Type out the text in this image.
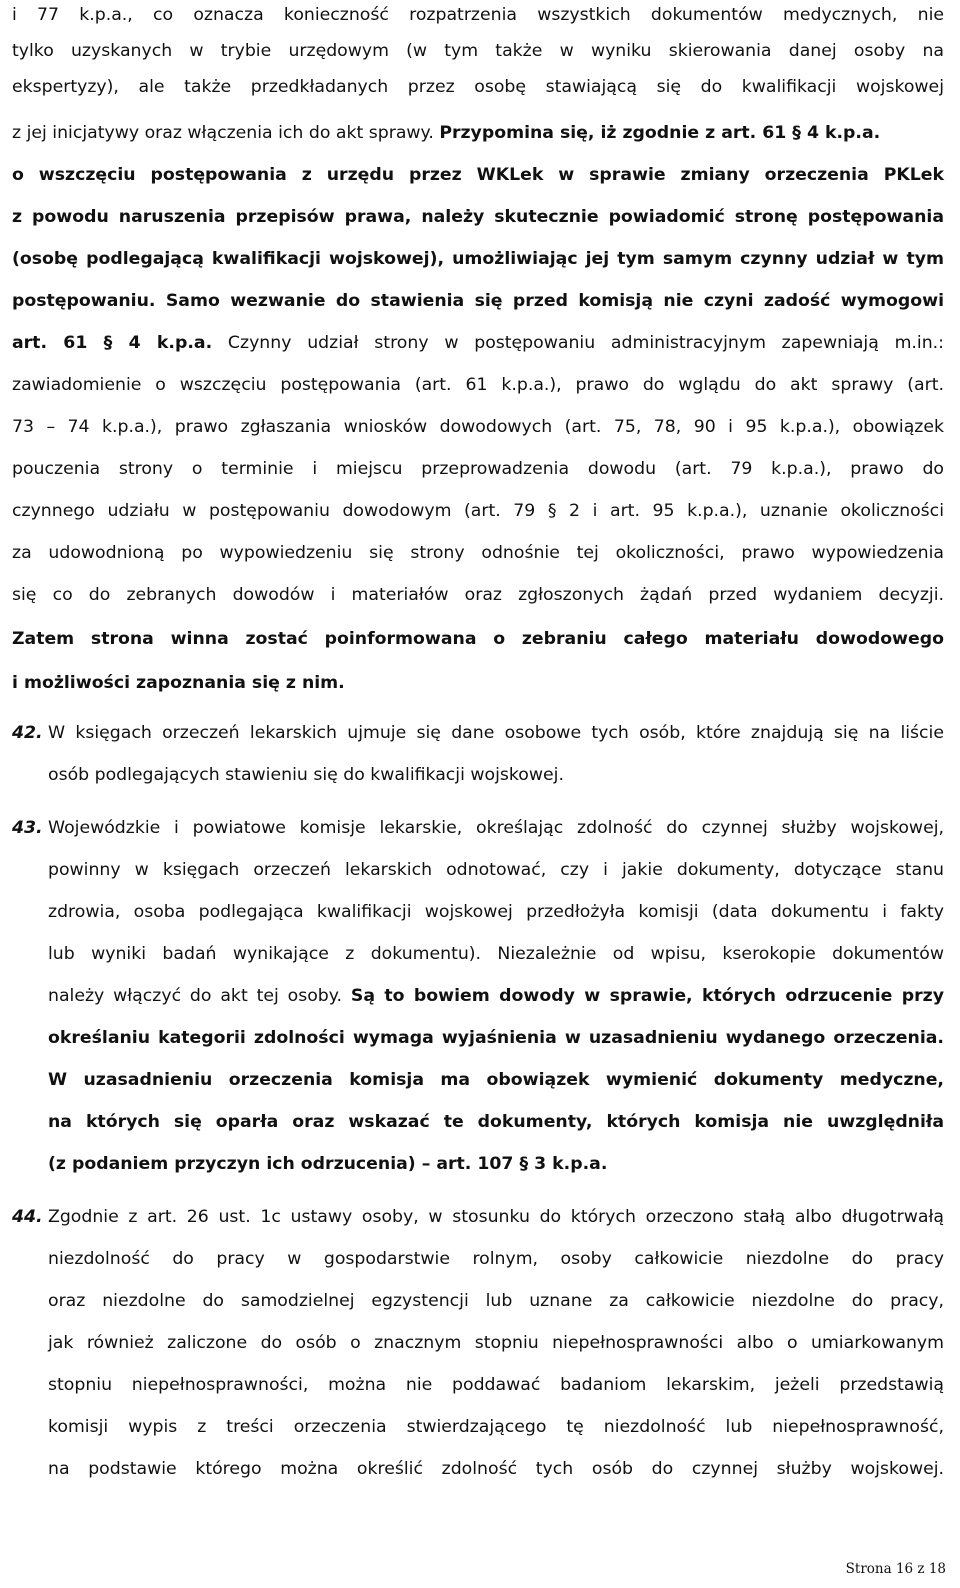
i 77 k.p.a., co oznacza konieczność rozpatrzenia wszystkich dokumentów medycznych, nie
tylko uzyskanych w trybie urzędowym (w tym także w wyniku skierowania danej osoby na
ekspertyzy), ale także przedkładanych przez osobę stawiającą się do kwalifikacji wojskowej
z jej inicjatywy oraz włączenia ich do akt sprawy. Przypomina się, iż zgodnie z art. 61 § 4 k.p.a.
o wszczęciu postępowania z urzędu przez WKLek w sprawie zmiany orzeczenia PKLek
z powodu naruszenia przepisów prawa, należy skutecznie powiadomić stronę postępowania
(osobę podlegającą kwalifikacji wojskowej), umożliwiając jej tym samym czynny udział w tym
postępowaniu. Samo wezwanie do stawienia się przed komisją nie czyni zadość wymogowi
art. 61 § 4 k.p.a. Czynny udział strony w postępowaniu administracyjnym zapewniają m.in.:
zawiadomienie o wszczęciu postępowania (art. 61 k.p.a.), prawo do wglądu do akt sprawy (art.
73 – 74 k.p.a.), prawo zgłaszania wniosków dowodowych (art. 75, 78, 90 i 95 k.p.a.), obowiązek
pouczenia strony o terminie i miejscu przeprowadzenia dowodu (art. 79 k.p.a.), prawo do
czynnego udziału w postępowaniu dowodowym (art. 79 § 2 i art. 95 k.p.a.), uznanie okoliczności
za udowodnioną po wypowiedzeniu się strony odnośnie tej okoliczności, prawo wypowiedzenia
się co do zebranych dowodów i materiałów oraz zgłoszonych żądań przed wydaniem decyzji.
Zatem strona winna zostać poinformowana o zebraniu całego materiału dowodowego
i możliwości zapoznania się z nim.
42. W księgach orzeczeń lekarskich ujmuje się dane osobowe tych osób, które znajdują się na liście
osób podlegających stawieniu się do kwalifikacji wojskowej.
43. Wojewódzkie i powiatowe komisje lekarskie, określając zdolność do czynnej służby wojskowej,
powinny w księgach orzeczeń lekarskich odnotować, czy i jakie dokumenty, dotyczące stanu
zdrowia, osoba podlegająca kwalifikacji wojskowej przedłożyła komisji (data dokumentu i fakty
lub wyniki badań wynikające z dokumentu). Niezależnie od wpisu, kserokopie dokumentów
należy włączyć do akt tej osoby. Są to bowiem dowody w sprawie, których odrzucenie przy
określaniu kategorii zdolności wymaga wyjaśnienia w uzasadnieniu wydanego orzeczenia.
W uzasadnieniu orzeczenia komisja ma obowiązek wymienić dokumenty medyczne,
na których się oparła oraz wskazać te dokumenty, których komisja nie uwzględniła
(z podaniem przyczyn ich odrzucenia) – art. 107 § 3 k.p.a.
44. Zgodnie z art. 26 ust. 1c ustawy osoby, w stosunku do których orzeczono stałą albo długotrwałą
niezdolność do pracy w gospodarstwie rolnym, osoby całkowicie niezdolne do pracy
oraz niezdolne do samodzielnej egzystencji lub uznane za całkowicie niezdolne do pracy,
jak również zaliczone do osób o znacznym stopniu niepełnosprawności albo o umiarkowanym
stopniu niepełnosprawności, można nie poddawać badaniom lekarskim, jeżeli przedstawią
komisji wypis z treści orzeczenia stwierdzającego tę niezdolność lub niepełnosprawność,
na podstawie którego można określić zdolność tych osób do czynnej służby wojskowej.
Strona 16 z 18
